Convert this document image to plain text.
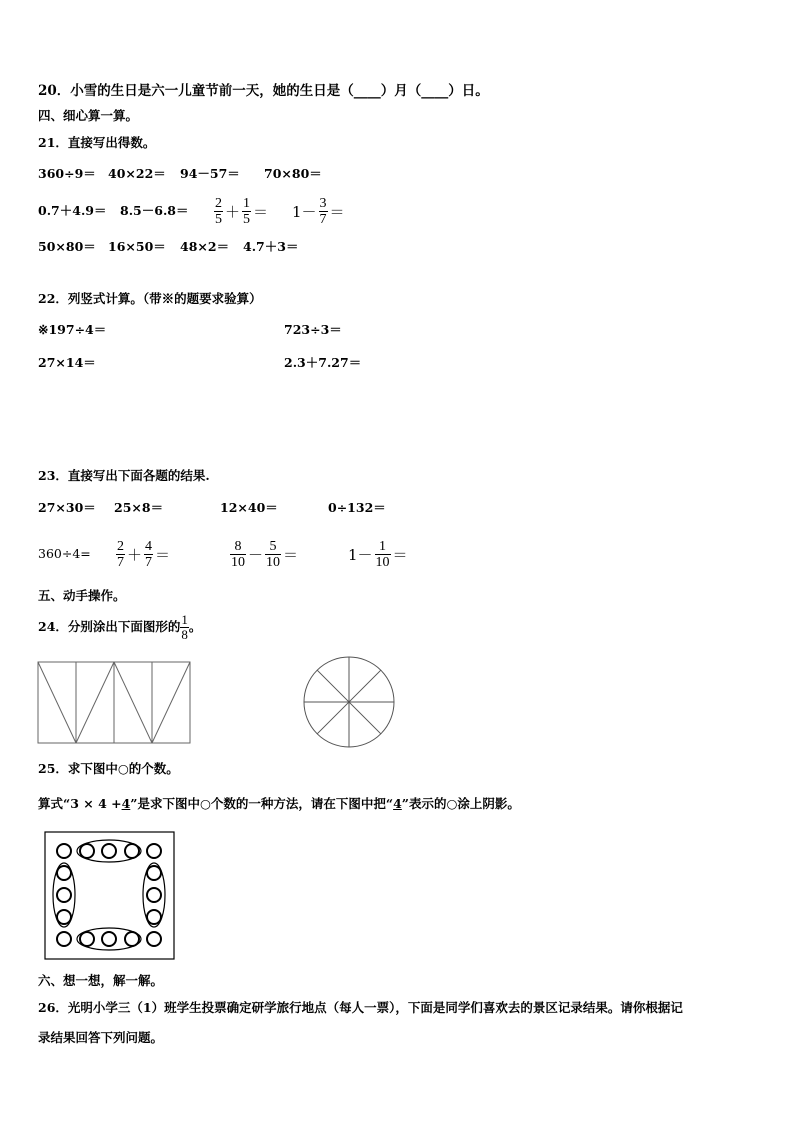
20．小雪的生日是六一儿童节前一天，她的生日是（____）月（____）日。
四、细心算一算。
21．直接写出得数。
360÷9＝ 40×22＝ 94－57＝ 70×80＝
$0.7+4.9= 8.5-6.8= \frac{2}{5} + \frac{1}{5} = 1- \frac{3}{7}$ ＝
50×80＝ 16×50＝ 48×2＝ 4.7＋3＝
22．列竖式计算。（带※的题要求验算）
※197÷4＝	723÷3＝
27×14＝	2.3＋7.27＝
23．直接写出下面各题的结果.
27×30＝ 25×8＝	12×40＝	0÷132＝
$360\div 4= \frac{2}{7} + \frac{4}{7}$ ＝	$\frac{8}{10} - \frac{5}{10}$ ＝	$1- \frac{1}{10}$ ＝
五、动手操作。
24．分别涂出下面图形的 $\frac{1}{8}$ 。
25．求下图中○的个数。
算式“3 × 4 +4”是求下图中○个数的一种方法，请在下图中把“4”表示的○涂上阴影。
六、想一想，解一解。
26．光明小学三（1）班学生投票确定研学旅行地点（每人一票），下面是同学们喜欢去的景区记录结果。请你根据记
录结果回答下列问题。
